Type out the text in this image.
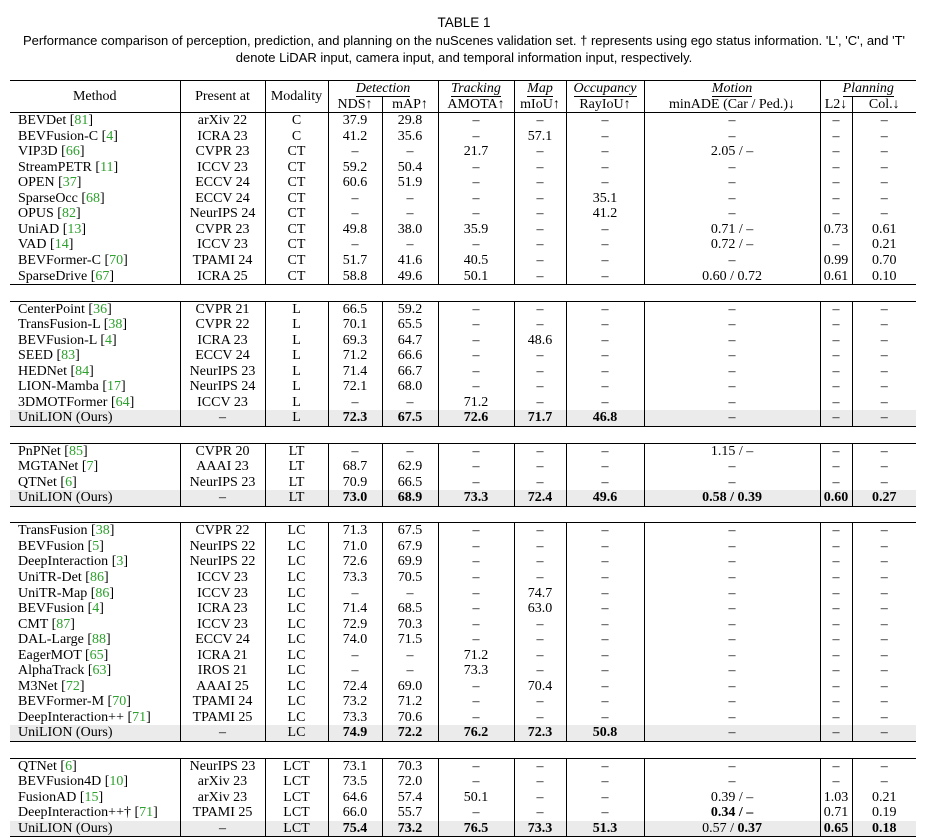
TABLE 1
Performance comparison of perception, prediction, and planning on the nuScenes validation set. † represents using ego status information. 'L', 'C', and 'T' denote LiDAR input, camera input, and temporal information input, respectively.
Method	Present at	Modality	Detection		Tracking	Map	Occupancy	Motion	Planning	
			NDS↑	mAP↑	AMOTA↑	mIoU↑	RayIoU↑	minADE (Car / Ped.)↓	L2↓	Col.↓
BEVDet [81]	arXiv 22	C	37.9	29.8	–	–	–	–	–	–
BEVFusion-C [4]	ICRA 23	C	41.2	35.6	–	57.1	–	–	–	–
VIP3D [66]	CVPR 23	CT	–	–	21.7	–	–	2.05 / –	–	–
StreamPETR [11]	ICCV 23	CT	59.2	50.4	–	–	–	–	–	–
OPEN [37]	ECCV 24	CT	60.6	51.9	–	–	–	–	–	–
SparseOcc [68]	ECCV 24	CT	–	–	–	–	35.1	–	–	–
OPUS [82]	NeurIPS 24	CT	–	–	–	–	41.2	–	–	–
UniAD [13]	CVPR 23	CT	49.8	38.0	35.9	–	–	0.71 / –	0.73	0.61
VAD [14]	ICCV 23	CT	–	–	–	–	–	0.72 / –	–	0.21
BEVFormer-C [70]	TPAMI 24	CT	51.7	41.6	40.5	–	–	–	0.99	0.70
SparseDrive [67]	ICRA 25	CT	58.8	49.6	50.1	–	–	0.60 / 0.72	0.61	0.10

CenterPoint [36]	CVPR 21	L	66.5	59.2	–	–	–	–	–	–
TransFusion-L [38]	CVPR 22	L	70.1	65.5	–	–	–	–	–	–
BEVFusion-L [4]	ICRA 23	L	69.3	64.7	–	48.6	–	–	–	–
SEED [83]	ECCV 24	L	71.2	66.6	–	–	–	–	–	–
HEDNet [84]	NeurIPS 23	L	71.4	66.7	–	–	–	–	–	–
LION-Mamba [17]	NeurIPS 24	L	72.1	68.0	–	–	–	–	–	–
3DMOTFormer [64]	ICCV 23	L	–	–	71.2	–	–	–	–	–
UniLION (Ours)	–	L	72.3	67.5	72.6	71.7	46.8	–	–	–

PnPNet [85]	CVPR 20	LT	–	–	–	–	–	1.15 / –	–	–
MGTANet [7]	AAAI 23	LT	68.7	62.9	–	–	–	–	–	–
QTNet [6]	NeurIPS 23	LT	70.9	66.5	–	–	–	–	–	–
UniLION (Ours)	–	LT	73.0	68.9	73.3	72.4	49.6	0.58 / 0.39	0.60	0.27

TransFusion [38]	CVPR 22	LC	71.3	67.5	–	–	–	–	–	–
BEVFusion [5]	NeurIPS 22	LC	71.0	67.9	–	–	–	–	–	–
DeepInteraction [3]	NeurIPS 22	LC	72.6	69.9	–	–	–	–	–	–
UniTR-Det [86]	ICCV 23	LC	73.3	70.5	–	–	–	–	–	–
UniTR-Map [86]	ICCV 23	LC	–	–	–	74.7	–	–	–	–
BEVFusion [4]	ICRA 23	LC	71.4	68.5	–	63.0	–	–	–	–
CMT [87]	ICCV 23	LC	72.9	70.3	–	–	–	–	–	–
DAL-Large [88]	ECCV 24	LC	74.0	71.5	–	–	–	–	–	–
EagerMOT [65]	ICRA 21	LC	–	–	71.2	–	–	–	–	–
AlphaTrack [63]	IROS 21	LC	–	–	73.3	–	–	–	–	–
M3Net [72]	AAAI 25	LC	72.4	69.0	–	70.4	–	–	–	–
BEVFormer-M [70]	TPAMI 24	LC	73.2	71.2	–	–	–	–	–	–
DeepInteraction++ [71]	TPAMI 25	LC	73.3	70.6	–	–	–	–	–	–
UniLION (Ours)	–	LC	74.9	72.2	76.2	72.3	50.8	–	–	–

QTNet [6]	NeurIPS 23	LCT	73.1	70.3	–	–	–	–	–	–
BEVFusion4D [10]	arXiv 23	LCT	73.5	72.0	–	–	–	–	–	–
FusionAD [15]	arXiv 23	LCT	64.6	57.4	50.1	–	–	0.39 / –	1.03	0.21
DeepInteraction++† [71]	TPAMI 25	LCT	66.0	55.7	–	–	–	0.34 / –	0.71	0.19
UniLION (Ours)	–	LCT	75.4	73.2	76.5	73.3	51.3	0.57 / 0.37	0.65	0.18
